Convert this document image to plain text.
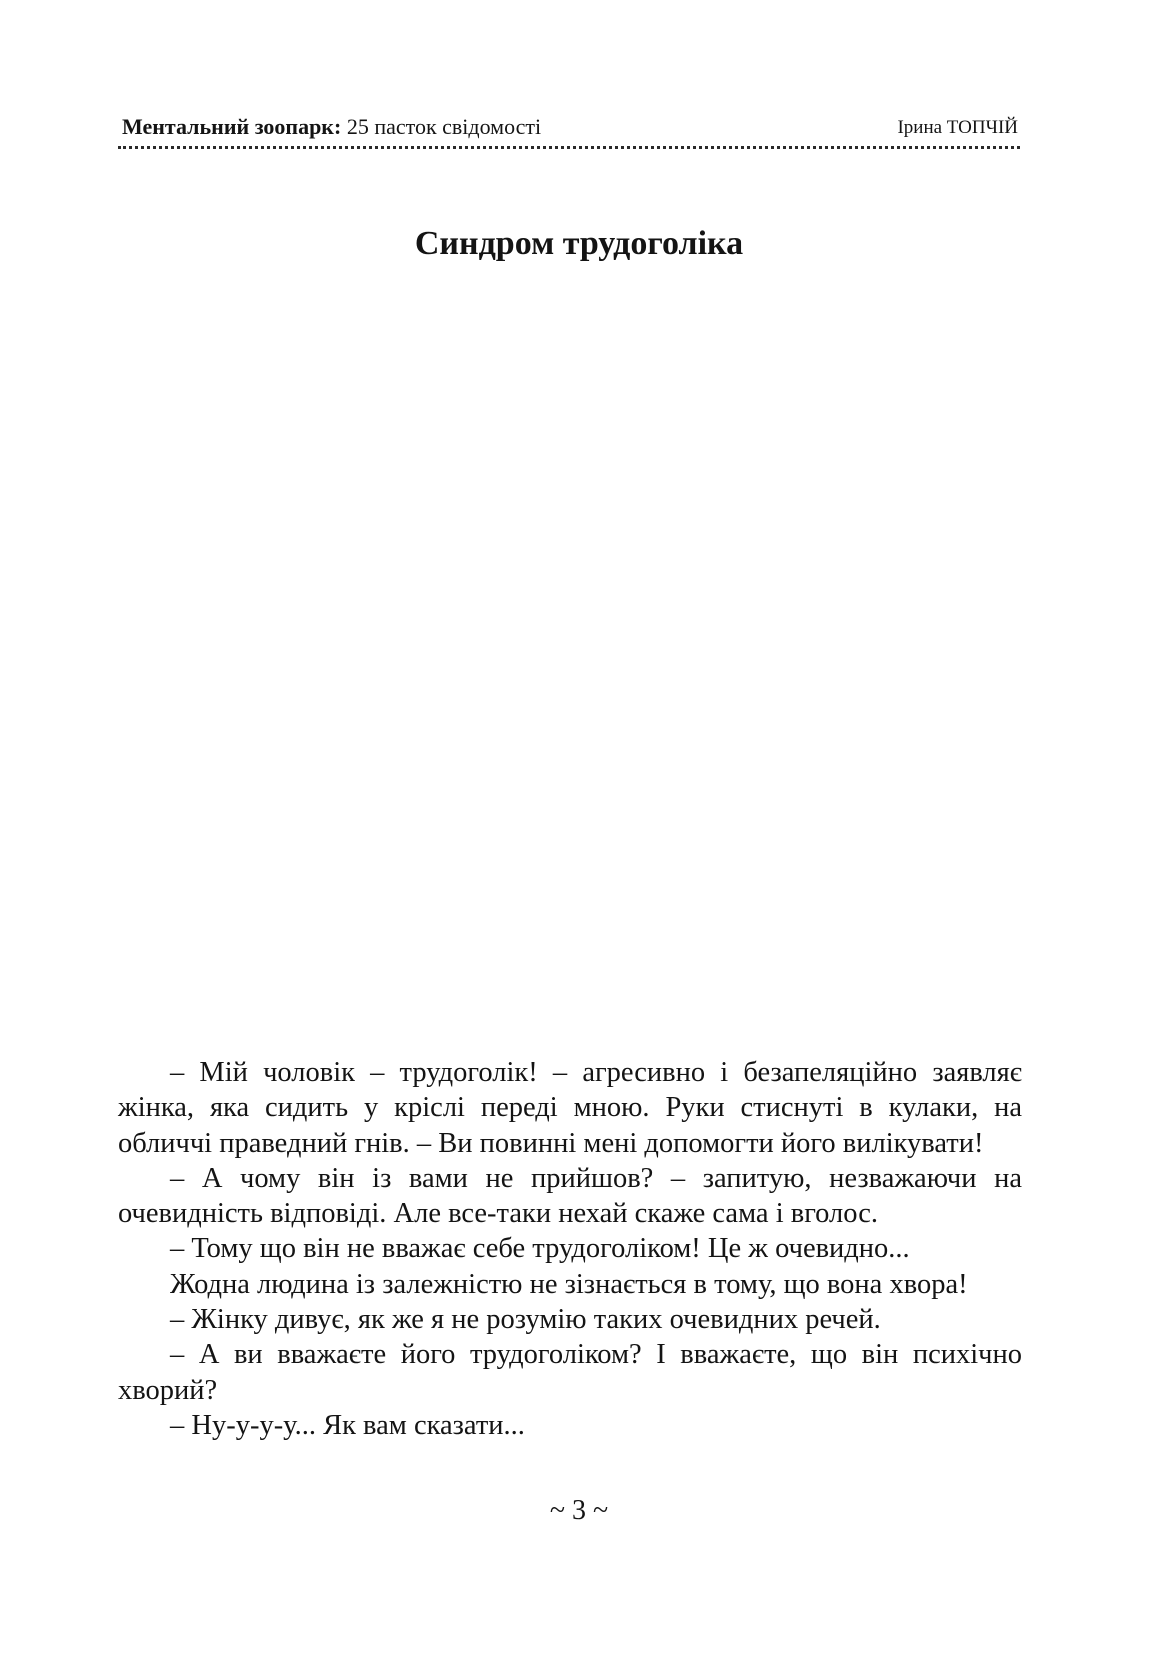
Ментальний зоопарк: 25 пасток свідомості	Ірина ТОПЧІЙ
Синдром трудоголіка

– Мій чоловік – трудоголік! – агресивно і безапеляційно заявляє жінка, яка сидить у кріслі переді мною. Руки стиснуті в кулаки, на обличчі праведний гнів. – Ви повинні мені допомогти його вилікувати!

– А чому він із вами не прийшов? – запитую, незважаючи на очевидність відповіді. Але все-таки нехай скаже сама і вголос.

– Тому що він не вважає себе трудоголіком! Це ж очевидно...

Жодна людина із залежністю не зізнається в тому, що вона хвора!

– Жінку дивує, як же я не розумію таких очевидних речей.

– А ви вважаєте його трудоголіком? І вважаєте, що він психічно хворий?

– Ну-у-у-у... Як вам сказати...

~ 3 ~
